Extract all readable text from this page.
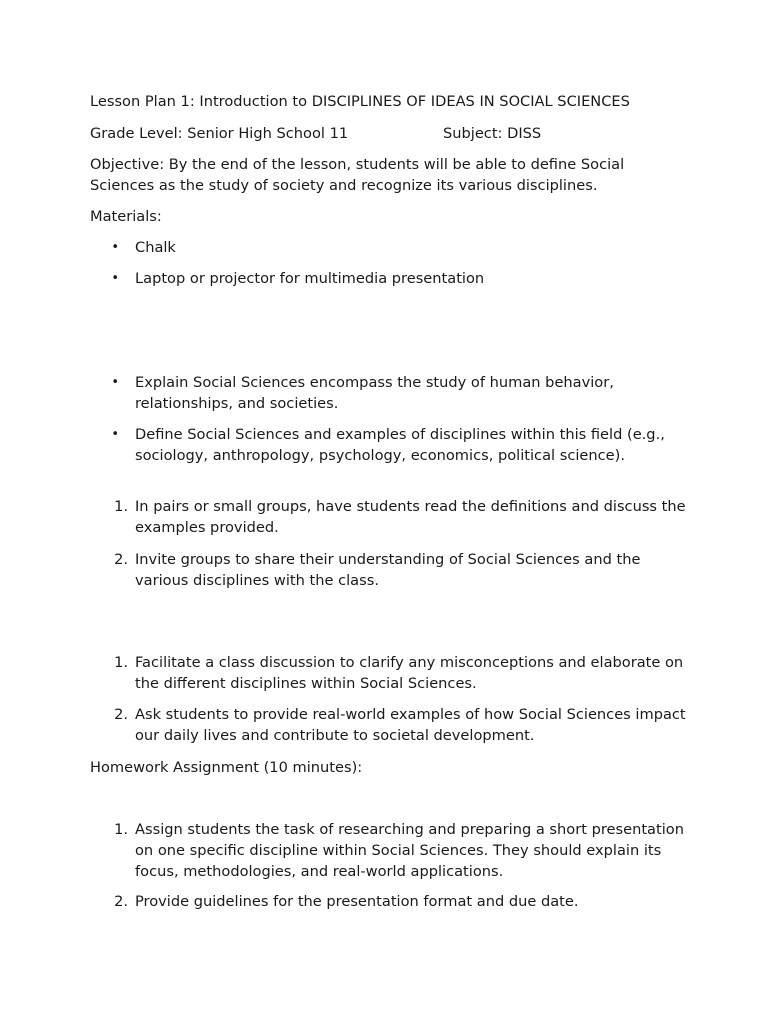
Lesson Plan 1: Introduction to DISCIPLINES OF IDEAS IN SOCIAL SCIENCES
Grade Level: Senior High School 11	Subject: DISS
Objective: By the end of the lesson, students will be able to define Social Sciences as the study of society and recognize its various disciplines.
Materials:
• Chalk
• Laptop or projector for multimedia presentation
• Explain Social Sciences encompass the study of human behavior, relationships, and societies.
• Define Social Sciences and examples of disciplines within this field (e.g., sociology, anthropology, psychology, economics, political science).
1. In pairs or small groups, have students read the definitions and discuss the examples provided.
2. Invite groups to share their understanding of Social Sciences and the various disciplines with the class.
1. Facilitate a class discussion to clarify any misconceptions and elaborate on the different disciplines within Social Sciences.
2. Ask students to provide real-world examples of how Social Sciences impact our daily lives and contribute to societal development.
Homework Assignment (10 minutes):
1. Assign students the task of researching and preparing a short presentation on one specific discipline within Social Sciences. They should explain its focus, methodologies, and real-world applications.
2. Provide guidelines for the presentation format and due date.
